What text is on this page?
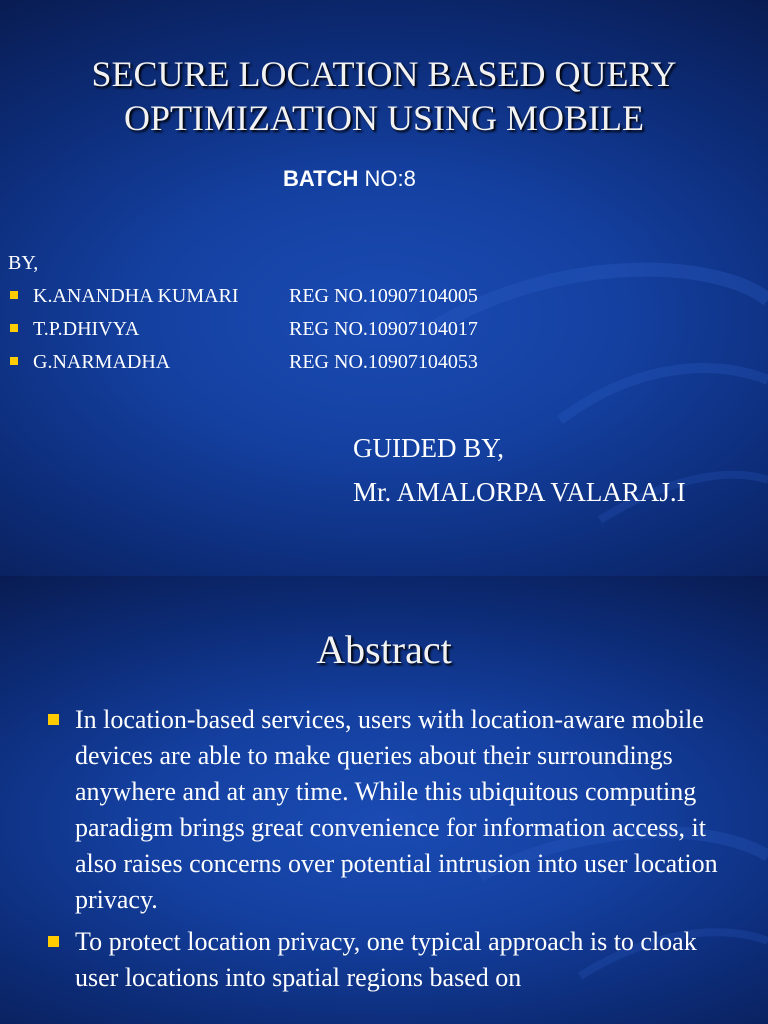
SECURE LOCATION BASED QUERY
OPTIMIZATION USING MOBILE
BATCH NO:8
BY,
K.ANANDHA KUMARI	REG NO.10907104005
T.P.DHIVYA	REG NO.10907104017
G.NARMADHA	REG NO.10907104053
GUIDED BY,
Mr. AMALORPA VALARAJ.I
Abstract
In location-based services, users with location-aware mobile devices are able to make queries about their surroundings anywhere and at any time. While this ubiquitous computing paradigm brings great convenience for information access, it also raises concerns over potential intrusion into user location privacy.
To protect location privacy, one typical approach is to cloak user locations into spatial regions based on
